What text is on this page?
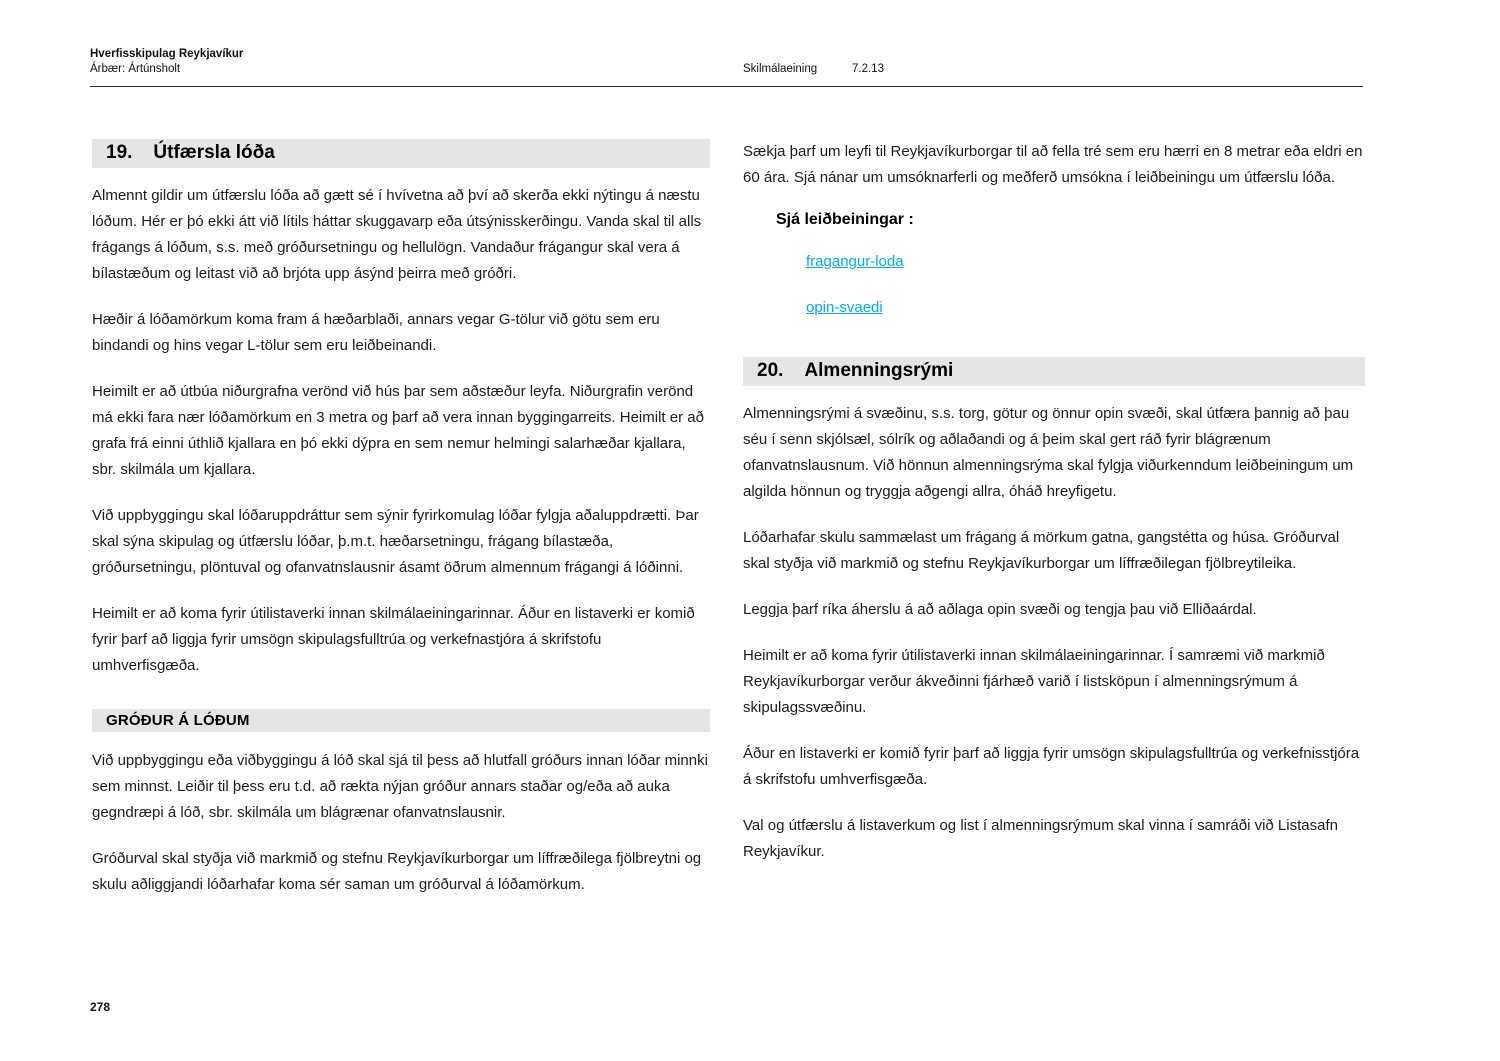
Hverfisskipulag Reykjavíkur
Árbær: Ártúnsholt	Skilmálaeining	7.2.13
19. Útfærsla lóða

Almennt gildir um útfærslu lóða að gætt sé í hvívetna að því að skerða ekki nýtingu á næstu lóðum. Hér er þó ekki átt við lítils háttar skuggavarp eða útsýnisskerðingu. Vanda skal til alls frágangs á lóðum, s.s. með gróðursetningu og hellulögn. Vandaður frágangur skal vera á bílastæðum og leitast við að brjóta upp ásýnd þeirra með gróðri.

Hæðir á lóðamörkum koma fram á hæðarblaði, annars vegar G-tölur við götu sem eru bindandi og hins vegar L-tölur sem eru leiðbeinandi.

Heimilt er að útbúa niðurgrafna verönd við hús þar sem aðstæður leyfa. Niðurgrafin verönd má ekki fara nær lóðamörkum en 3 metra og þarf að vera innan byggingarreits. Heimilt er að grafa frá einni úthlið kjallara en þó ekki dýpra en sem nemur helmingi salarhæðar kjallara, sbr. skilmála um kjallara.

Við uppbyggingu skal lóðaruppdráttur sem sýnir fyrirkomulag lóðar fylgja aðaluppdrætti. Þar skal sýna skipulag og útfærslu lóðar, þ.m.t. hæðarsetningu, frágang bílastæða, gróðursetningu, plöntuval og ofanvatnslausnir ásamt öðrum almennum frágangi á lóðinni.

Heimilt er að koma fyrir útilistaverki innan skilmálaeiningarinnar. Áður en listaverki er komið fyrir þarf að liggja fyrir umsögn skipulagsfulltrúa og verkefnastjóra á skrifstofu umhverfisgæða.

GRÓÐUR Á LÓÐUM

Við uppbyggingu eða viðbyggingu á lóð skal sjá til þess að hlutfall gróðurs innan lóðar minnki sem minnst. Leiðir til þess eru t.d. að rækta nýjan gróður annars staðar og/eða að auka gegndræpi á lóð, sbr. skilmála um blágrænar ofanvatnslausnir.

Gróðurval skal styðja við markmið og stefnu Reykjavíkurborgar um líffræðilega fjölbreytni og skulu aðliggjandi lóðarhafar koma sér saman um gróðurval á lóðamörkum.

Sækja þarf um leyfi til Reykjavíkurborgar til að fella tré sem eru hærri en 8 metrar eða eldri en 60 ára. Sjá nánar um umsóknarferli og meðferð umsókna í leiðbeiningu um útfærslu lóða.

Sjá leiðbeiningar :
fragangur-loda
opin-svaedi
20. Almenningsrými

Almenningsrými á svæðinu, s.s. torg, götur og önnur opin svæði, skal útfæra þannig að þau séu í senn skjólsæl, sólrík og aðlaðandi og á þeim skal gert ráð fyrir blágrænum ofanvatnslausnum. Við hönnun almenningsrýma skal fylgja viðurkenndum leiðbeiningum um algilda hönnun og tryggja aðgengi allra, óháð hreyfigetu.

Lóðarhafar skulu sammælast um frágang á mörkum gatna, gangstétta og húsa. Gróðurval skal styðja við markmið og stefnu Reykjavíkurborgar um líffræðilegan fjölbreytileika.

Leggja þarf ríka áherslu á að aðlaga opin svæði og tengja þau við Elliðaárdal.

Heimilt er að koma fyrir útilistaverki innan skilmálaeiningarinnar. Í samræmi við markmið Reykjavíkurborgar verður ákveðinni fjárhæð varið í listsköpun í almenningsrýmum á skipulagssvæðinu.

Áður en listaverki er komið fyrir þarf að liggja fyrir umsögn skipulagsfulltrúa og verkefnisstjóra á skrifstofu umhverfisgæða.

Val og útfærslu á listaverkum og list í almenningsrýmum skal vinna í samráði við Listasafn Reykjavíkur.

278
